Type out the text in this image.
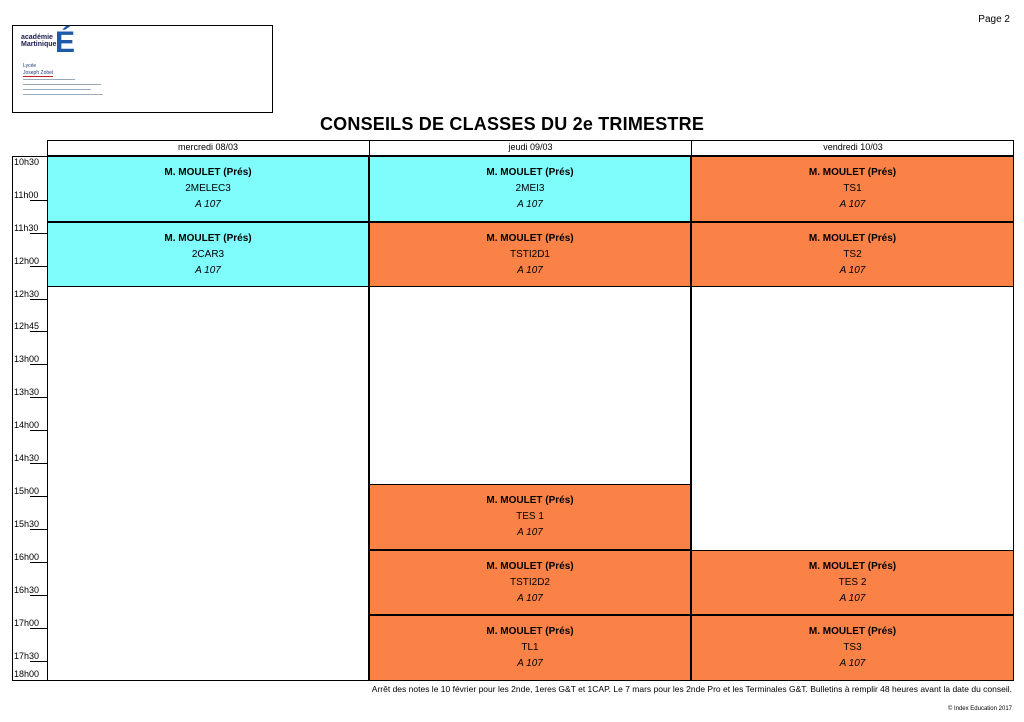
Page 2
académie
Martinique
É
Lycée
Joseph Zobel
CONSEILS DE CLASSES DU 2e TRIMESTRE
mercredi 08/03	jeudi 09/03	vendredi 10/03
10h30
11h00
11h30
12h00
12h30
12h45
13h00
13h30
14h00
14h30
15h00
15h30
16h00
16h30
17h00
17h30
18h00
M. MOULET (Prés)
2MELEC3
A 107
M. MOULET (Prés)
2CAR3
A 107
M. MOULET (Prés)
2MEI3
A 107
M. MOULET (Prés)
TSTI2D1
A 107
M. MOULET (Prés)
TES 1
A 107
M. MOULET (Prés)
TSTI2D2
A 107
M. MOULET (Prés)
TL1
A 107
M. MOULET (Prés)
TS1
A 107
M. MOULET (Prés)
TS2
A 107
M. MOULET (Prés)
TES 2
A 107
M. MOULET (Prés)
TS3
A 107
Arrêt des notes le 10 février pour les 2nde, 1eres G&T et 1CAP. Le 7 mars pour les 2nde Pro et les Terminales G&T. Bulletins à remplir 48 heures avant la date du conseil.
© Index Education 2017
